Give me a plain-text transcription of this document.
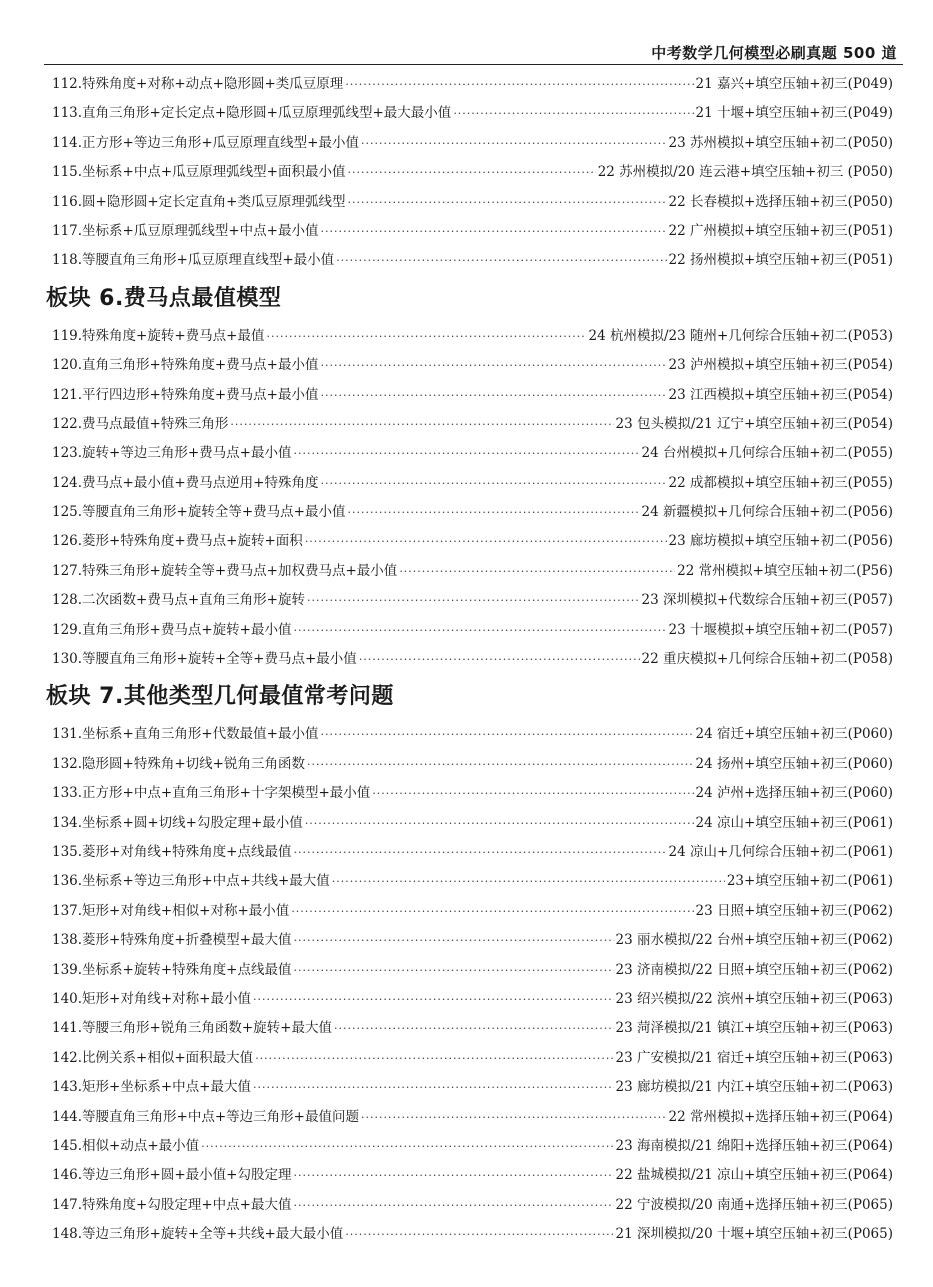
中考数学几何模型必刷真题 500 道
112.特殊角度+对称+动点+隐形圆+类瓜豆原理 ·····	21 嘉兴+填空压轴+初三(P049)
113.直角三角形+定长定点+隐形圆+瓜豆原理弧线型+最大最小值 ·····	21 十堰+填空压轴+初三(P049)
114.正方形+等边三角形+瓜豆原理直线型+最小值 ·····	23 苏州模拟+填空压轴+初二(P050)
115.坐标系+中点+瓜豆原理弧线型+面积最小值 ·····	22 苏州模拟/20 连云港+填空压轴+初三 (P050)
116.圆+隐形圆+定长定直角+类瓜豆原理弧线型 ·····	22 长春模拟+选择压轴+初三(P050)
117.坐标系+瓜豆原理弧线型+中点+最小值 ·····	22 广州模拟+填空压轴+初三(P051)
118.等腰直角三角形+瓜豆原理直线型+最小值 ·····	22 扬州模拟+填空压轴+初三(P051)
板块 6.费马点最值模型
119.特殊角度+旋转+费马点+最值 ·····	24 杭州模拟/23 随州+几何综合压轴+初二(P053)
120.直角三角形+特殊角度+费马点+最小值 ·····	23 泸州模拟+填空压轴+初三(P054)
121.平行四边形+特殊角度+费马点+最小值 ·····	23 江西模拟+填空压轴+初三(P054)
122.费马点最值+特殊三角形 ·····	23 包头模拟/21 辽宁+填空压轴+初三(P054)
123.旋转+等边三角形+费马点+最小值 ·····	24 台州模拟+几何综合压轴+初二(P055)
124.费马点+最小值+费马点逆用+特殊角度 ·····	22 成都模拟+填空压轴+初三(P055)
125.等腰直角三角形+旋转全等+费马点+最小值 ·····	24 新疆模拟+几何综合压轴+初二(P056)
126.菱形+特殊角度+费马点+旋转+面积 ·····	23 廊坊模拟+填空压轴+初二(P056)
127.特殊三角形+旋转全等+费马点+加权费马点+最小值 ·····	22 常州模拟+填空压轴+初二(P56)
128.二次函数+费马点+直角三角形+旋转 ·····	23 深圳模拟+代数综合压轴+初三(P057)
129.直角三角形+费马点+旋转+最小值 ·····	23 十堰模拟+填空压轴+初二(P057)
130.等腰直角三角形+旋转+全等+费马点+最小值 ·····	22 重庆模拟+几何综合压轴+初二(P058)
板块 7.其他类型几何最值常考问题
131.坐标系+直角三角形+代数最值+最小值 ·····	24 宿迁+填空压轴+初三(P060)
132.隐形圆+特殊角+切线+锐角三角函数 ·····	24 扬州+填空压轴+初三(P060)
133.正方形+中点+直角三角形+十字架模型+最小值 ·····	24 泸州+选择压轴+初三(P060)
134.坐标系+圆+切线+勾股定理+最小值 ·····	24 凉山+填空压轴+初三(P061)
135.菱形+对角线+特殊角度+点线最值 ·····	24 凉山+几何综合压轴+初二(P061)
136.坐标系+等边三角形+中点+共线+最大值 ·····	23+填空压轴+初二(P061)
137.矩形+对角线+相似+对称+最小值 ·····	23 日照+填空压轴+初三(P062)
138.菱形+特殊角度+折叠模型+最大值 ·····	23 丽水模拟/22 台州+填空压轴+初三(P062)
139.坐标系+旋转+特殊角度+点线最值 ·····	23 济南模拟/22 日照+填空压轴+初三(P062)
140.矩形+对角线+对称+最小值 ·····	23 绍兴模拟/22 滨州+填空压轴+初三(P063)
141.等腰三角形+锐角三角函数+旋转+最大值 ·····	23 菏泽模拟/21 镇江+填空压轴+初三(P063)
142.比例关系+相似+面积最大值 ·····	23 广安模拟/21 宿迁+填空压轴+初三(P063)
143.矩形+坐标系+中点+最大值 ·····	23 廊坊模拟/21 内江+填空压轴+初二(P063)
144.等腰直角三角形+中点+等边三角形+最值问题 ·····	22 常州模拟+选择压轴+初三(P064)
145.相似+动点+最小值 ·····	23 海南模拟/21 绵阳+选择压轴+初三(P064)
146.等边三角形+圆+最小值+勾股定理 ·····	22 盐城模拟/21 凉山+填空压轴+初三(P064)
147.特殊角度+勾股定理+中点+最大值 ·····	22 宁波模拟/20 南通+选择压轴+初三(P065)
148.等边三角形+旋转+全等+共线+最大最小值 ·····	21 深圳模拟/20 十堰+填空压轴+初三(P065)
